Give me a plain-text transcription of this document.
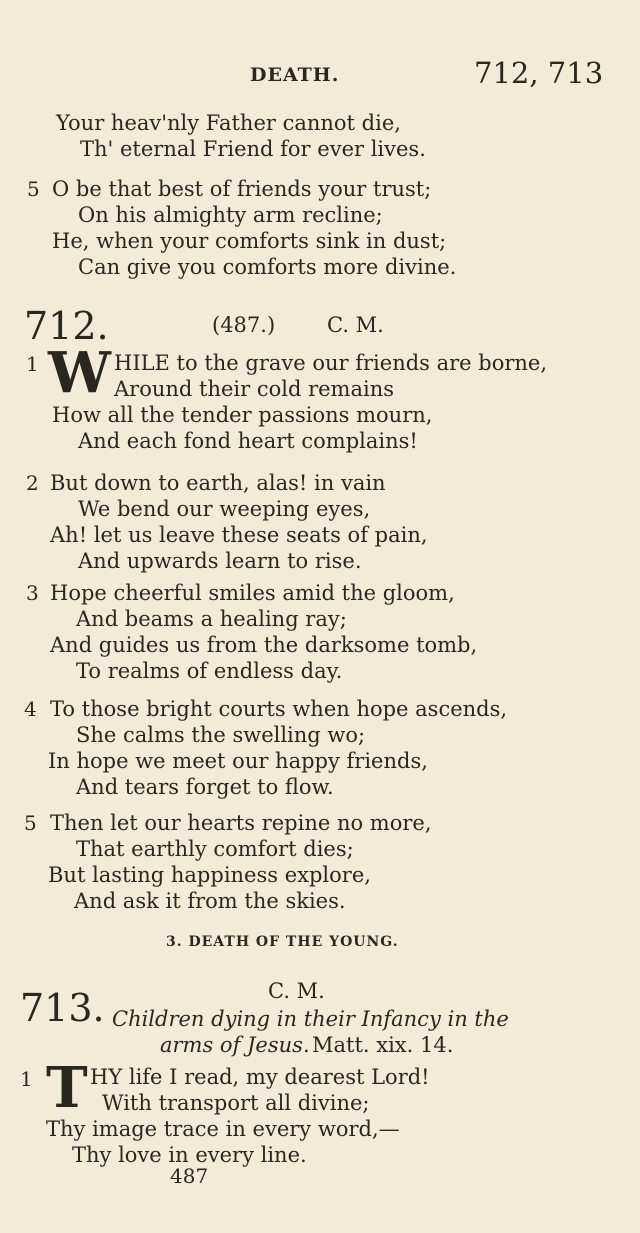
DEATH.	712, 713
Your heav'nly Father cannot die,
Th' eternal Friend for ever lives.
5 O be that best of friends your trust;
On his almighty arm recline;
He, when your comforts sink in dust;
Can give you comforts more divine.
712.	(487.) C. M.
1 W HILE to the grave our friends are borne,
Around their cold remains
How all the tender passions mourn,
And each fond heart complains!
2 But down to earth, alas! in vain
We bend our weeping eyes,
Ah! let us leave these seats of pain,
And upwards learn to rise.
3 Hope cheerful smiles amid the gloom,
And beams a healing ray;
And guides us from the darksome tomb,
To realms of endless day.
4 To those bright courts when hope ascends,
She calms the swelling wo;
In hope we meet our happy friends,
And tears forget to flow.
5 Then let our hearts repine no more,
That earthly comfort dies;
But lasting happiness explore,
And ask it from the skies.
3. DEATH OF THE YOUNG.
C. M.
713. Children dying in their Infancy in the
arms of Jesus. Matt. xix. 14.
1 T HY life I read, my dearest Lord!
With transport all divine;
Thy image trace in every word,—
Thy love in every line.
487
